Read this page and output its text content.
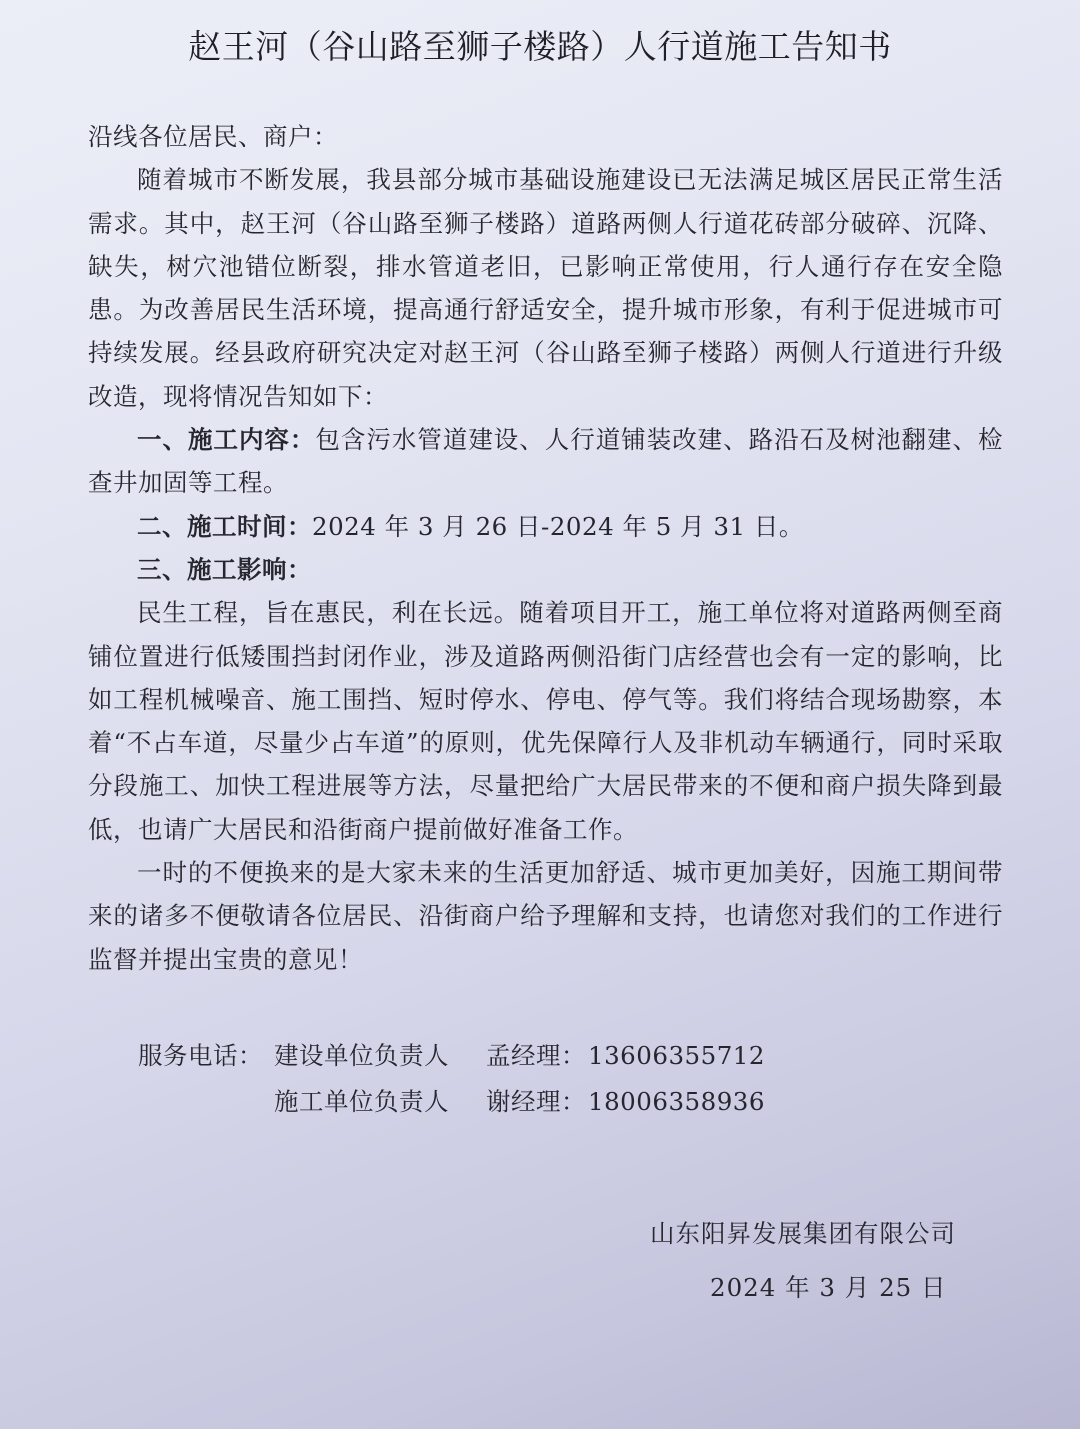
赵王河（谷山路至狮子楼路）人行道施工告知书

沿线各位居民、商户：

随着城市不断发展，我县部分城市基础设施建设已无法满足城区居民正常生活需求。其中，赵王河（谷山路至狮子楼路）道路两侧人行道花砖部分破碎、沉降、缺失，树穴池错位断裂，排水管道老旧，已影响正常使用，行人通行存在安全隐患。为改善居民生活环境，提高通行舒适安全，提升城市形象，有利于促进城市可持续发展。经县政府研究决定对赵王河（谷山路至狮子楼路）两侧人行道进行升级改造，现将情况告知如下：

一、施工内容：包含污水管道建设、人行道铺装改建、路沿石及树池翻建、检查井加固等工程。

二、施工时间：2024 年 3 月 26 日-2024 年 5 月 31 日。

三、施工影响：

民生工程，旨在惠民，利在长远。随着项目开工，施工单位将对道路两侧至商铺位置进行低矮围挡封闭作业，涉及道路两侧沿街门店经营也会有一定的影响，比如工程机械噪音、施工围挡、短时停水、停电、停气等。我们将结合现场勘察，本着“不占车道，尽量少占车道”的原则，优先保障行人及非机动车辆通行，同时采取分段施工、加快工程进展等方法，尽量把给广大居民带来的不便和商户损失降到最低，也请广大居民和沿街商户提前做好准备工作。

一时的不便换来的是大家未来的生活更加舒适、城市更加美好，因施工期间带来的诸多不便敬请各位居民、沿街商户给予理解和支持，也请您对我们的工作进行监督并提出宝贵的意见！

服务电话： 建设单位负责人	孟经理： 13606355712
施工单位负责人	谢经理： 18006358936
山东阳昇发展集团有限公司
2024 年 3 月 25 日
